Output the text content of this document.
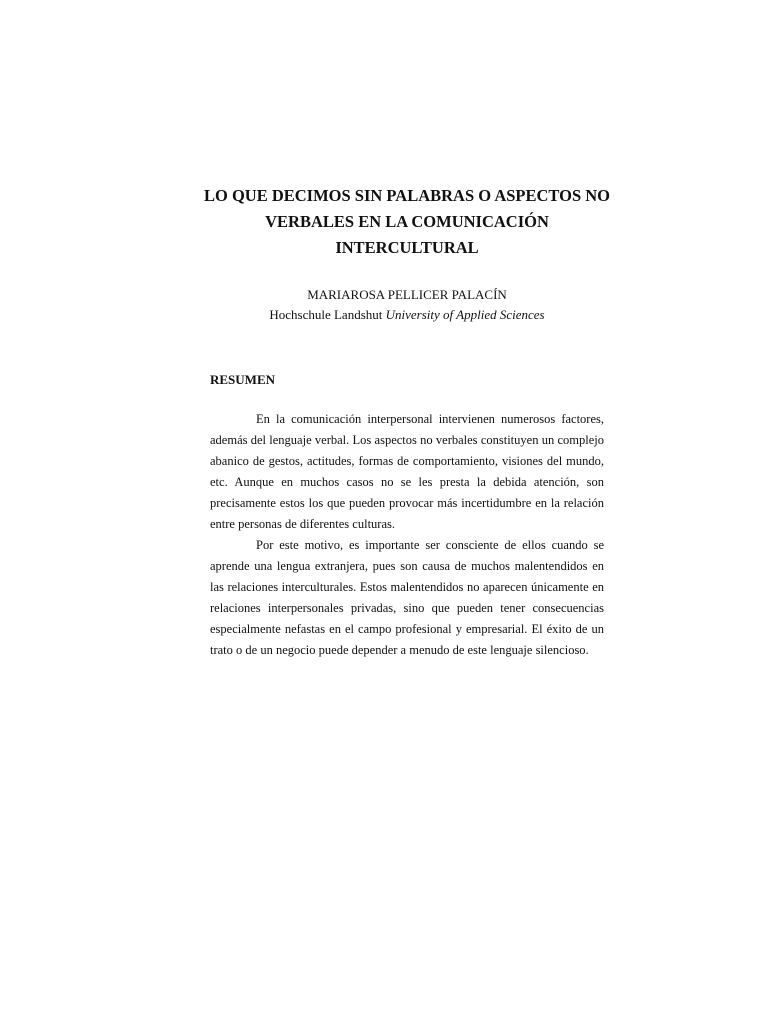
LO QUE DECIMOS SIN PALABRAS O ASPECTOS NO
VERBALES EN LA COMUNICACIÓN
INTERCULTURAL

MARIAROSA PELLICER PALACÍN

Hochschule Landshut University of Applied Sciences

RESUMEN

En la comunicación interpersonal intervienen numerosos factores, además del lenguaje verbal. Los aspectos no verbales constituyen un complejo abanico de gestos, actitudes, formas de comportamiento, visiones del mundo, etc. Aunque en muchos casos no se les presta la debida atención, son precisamente estos los que pueden provocar más incertidumbre en la relación entre personas de diferentes culturas.

Por este motivo, es importante ser consciente de ellos cuando se aprende una lengua extranjera, pues son causa de muchos malentendidos en las relaciones interculturales. Estos malentendidos no aparecen únicamente en relaciones interpersonales privadas, sino que pueden tener consecuencias especialmente nefastas en el campo profesional y empresarial. El éxito de un trato o de un negocio puede depender a menudo de este lenguaje silencioso.
